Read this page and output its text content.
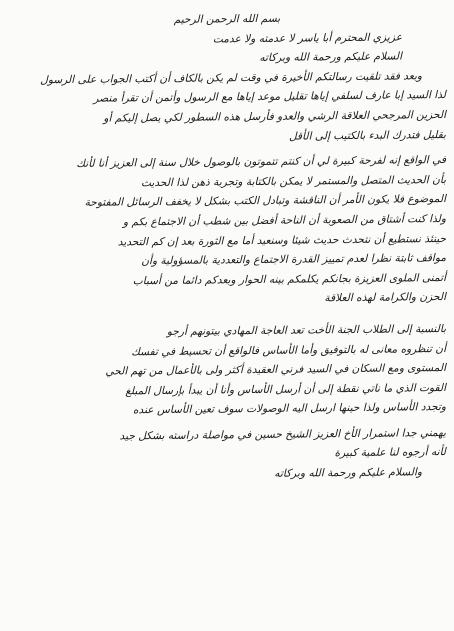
بسم الله الرحمن الرحيم
عزيزي المحترم أبا ياسر لا عدمته ولا عدمت
السلام عليكم ورحمة الله وبركاته
وبعد فقد تلقيت رسالتكم الأخيرة في وقت لم يكن بالكاف أن أكتب الجواب على الرسول
لذا السيد إبا عارف لسلفي إياها تقليل موعد إياها مع الرسول وأتمن أن تقرأ منصر
الحزين المرجحي العلاقة الرشي والعدو فأرسل هذه السطور لكي يصل إليكم أو
بقليل فتدرك البدء بالكتيب إلى الأقل
في الواقع إنه لفرحة كبيرة لي أن كنتم تتموتون بالوصول خلال سنة إلى العزيز أنا لأنك
بأن الحديث المتصل والمستمر لا يمكن بالكتابة وتجربة ذهن لذا الحديث
الموضوع فلا يكون الأمر أن الناقشة وتبادل الكتب بشكل لا يخفف الرسائل المفتوحة
ولذا كنت أشتاق من الصعوبة أن الناحة أفضل بين شطب أن الاجتماع بكم و
حينئذ نستطيع أن نتحدث حديث شيئا وسنعيد أما مع الثورة بعد إن كم التحديد
مواقف ثابتة نظرا لعدم تمييز القدرة الاجتماع والتعددية بالمسؤولية وأن
أتمنى الملوى العزيزة بجانكم يكلمكم بينه الحوار وبعدكم دائما من أسباب
الحزن والكرامة لهذه العلاقة
بالنسبة إلى الطلاب الجنة الأخت تعد العاجة المهادي بيتونهم أرجو
أن تنظروه معانى له بالتوفيق وأما الأساس فالواقع أن تحسيط في تفسك
المستوى ومع السكان في السيد فرني العقيدة أكثر ولى بالأعمال من تهم الحي
القوت الذي ما ناتي نقطة إلى أن أرسل الأساس وأنا أن يبدأ بإرسال المبلغ
وتجدد الأساس ولذا حينها ارسل اليه الوصولات سوف تعين الأساس عنده
يهمني جدا استمرار الأخ العزيز الشيخ حسين في مواصلة دراسته بشكل جيد
لأنه أرجوه لنا علمية كبيرة
والسلام عليكم ورحمة الله وبركاته
